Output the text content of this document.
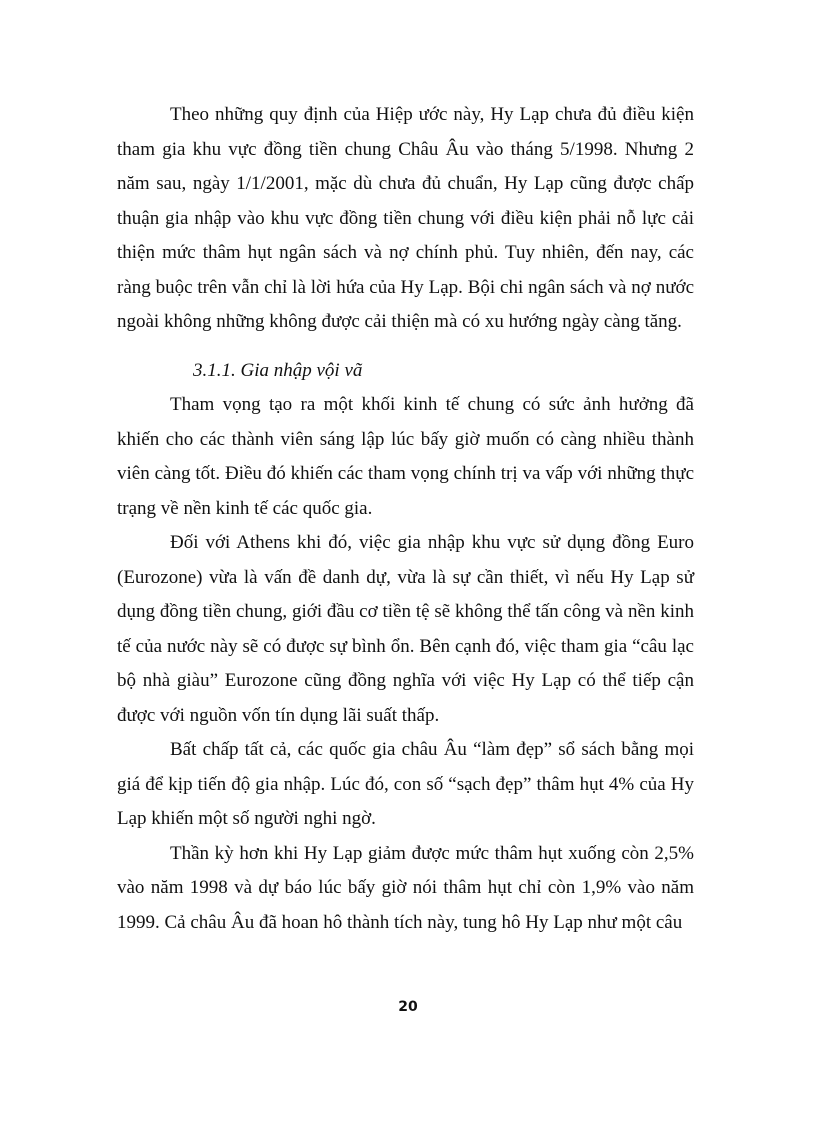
Theo những quy định của Hiệp ước này, Hy Lạp chưa đủ điều kiện tham gia khu vực đồng tiền chung Châu Âu vào tháng 5/1998. Nhưng 2 năm sau, ngày 1/1/2001, mặc dù chưa đủ chuẩn, Hy Lạp cũng được chấp thuận gia nhập vào khu vực đồng tiền chung với điều kiện phải nỗ lực cải thiện mức thâm hụt ngân sách và nợ chính phủ. Tuy nhiên, đến nay, các ràng buộc trên vẫn chỉ là lời hứa của Hy Lạp. Bội chi ngân sách và nợ nước ngoài không những không được cải thiện mà có xu hướng ngày càng tăng.

3.1.1. Gia nhập vội vã

Tham vọng tạo ra một khối kinh tế chung có sức ảnh hưởng đã khiến cho các thành viên sáng lập lúc bấy giờ muốn có càng nhiều thành viên càng tốt. Điều đó khiến các tham vọng chính trị va vấp với những thực trạng về nền kinh tế các quốc gia.

Đối với Athens khi đó, việc gia nhập khu vực sử dụng đồng Euro (Eurozone) vừa là vấn đề danh dự, vừa là sự cần thiết, vì nếu Hy Lạp sử dụng đồng tiền chung, giới đầu cơ tiền tệ sẽ không thể tấn công và nền kinh tế của nước này sẽ có được sự bình ổn. Bên cạnh đó, việc tham gia “câu lạc bộ nhà giàu” Eurozone cũng đồng nghĩa với việc Hy Lạp có thể tiếp cận được với nguồn vốn tín dụng lãi suất thấp.

Bất chấp tất cả, các quốc gia châu Âu “làm đẹp” sổ sách bằng mọi giá để kịp tiến độ gia nhập. Lúc đó, con số “sạch đẹp” thâm hụt 4% của Hy Lạp khiến một số người nghi ngờ.

Thần kỳ hơn khi Hy Lạp giảm được mức thâm hụt xuống còn 2,5% vào năm 1998 và dự báo lúc bấy giờ nói thâm hụt chỉ còn 1,9% vào năm 1999. Cả châu Âu đã hoan hô thành tích này, tung hô Hy Lạp như một câu

20
